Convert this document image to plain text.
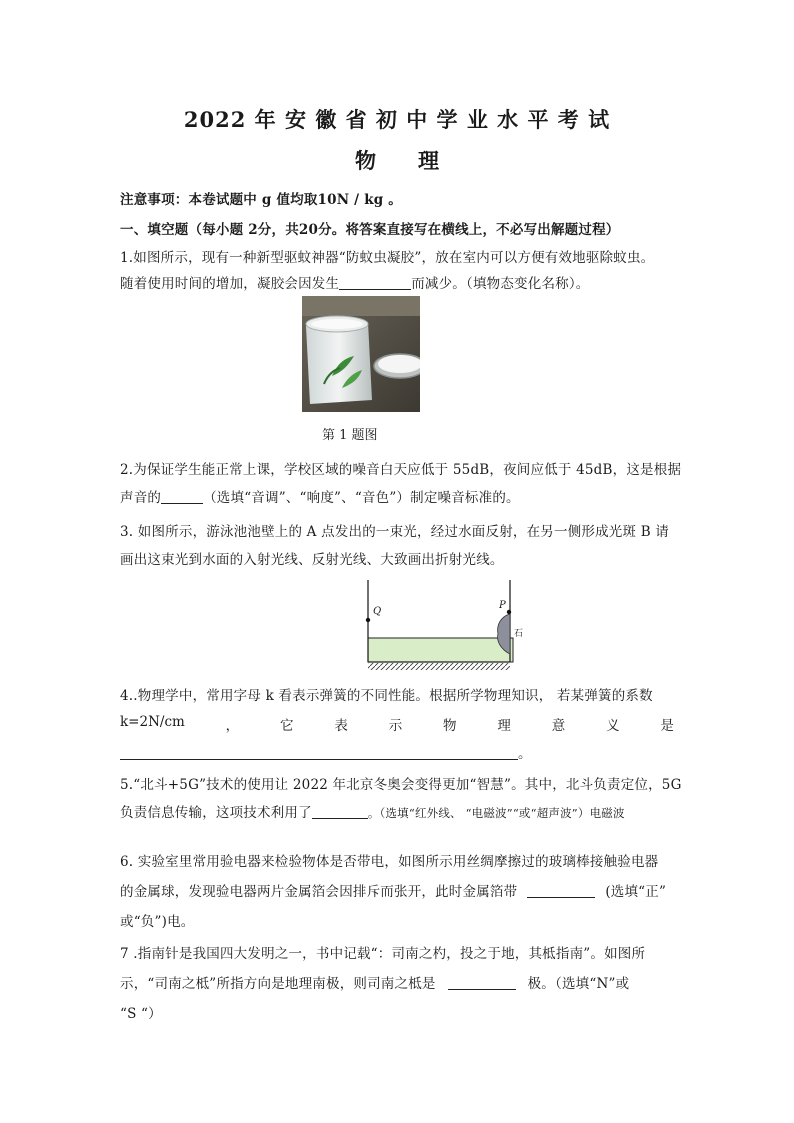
2022 年 安 徽 省 初 中 学 业 水 平 考 试
物　　理
注意事项：本卷试题中 g 值均取10N / kg 。
一、填空题（每小题 2分，共20分。将答案直接写在横线上，不必写出解题过程）
1.如图所示，现有一种新型驱蚊神器“防蚊虫凝胶”，放在室内可以方便有效地驱除蚊虫。
随着使用时间的增加，凝胶会因发生	而减少。（填物态变化名称）。
第 1 题图
2.为保证学生能正常上课，学校区域的噪音白天应低于 55dB，夜间应低于 45dB，这是根据
声音的	（选填“音调”、“响度”、“音色”）制定噪音标准的。
3. 如图所示，游泳池池壁上的 A 点发出的一束光，经过水面反射，在另一侧形成光斑 B 请
画出这束光到水面的入射光线、反射光线、大致画出折射光线。
Q
P
石
4..物理学中，常用字母 k 看表示弹簧的不同性能。根据所学物理知识， 若某弹簧的系数
k=2N/cm	，	它	表	示	物	理	意	义	是
。
5.“北斗+5G”技术的使用让 2022 年北京冬奥会变得更加“智慧”。其中，北斗负责定位，5G
负责信息传输，这项技术利用了	。（选填“红外线、 “电磁波”“或“超声波”）电磁波
6. 实验室里常用验电器来检验物体是否带电，如图所示用丝绸摩擦过的玻璃棒接触验电器
的金属球，发现验电器两片金属箔会因排斥而张开，此时金属箔带	(选填“正”
或“负”)电。
7 .指南针是我国四大发明之一，书中记载“：司南之杓，投之于地，其柢指南”。如图所
示，“司南之柢”所指方向是地理南极，则司南之柢是	极。（选填“N”或
“S “）
